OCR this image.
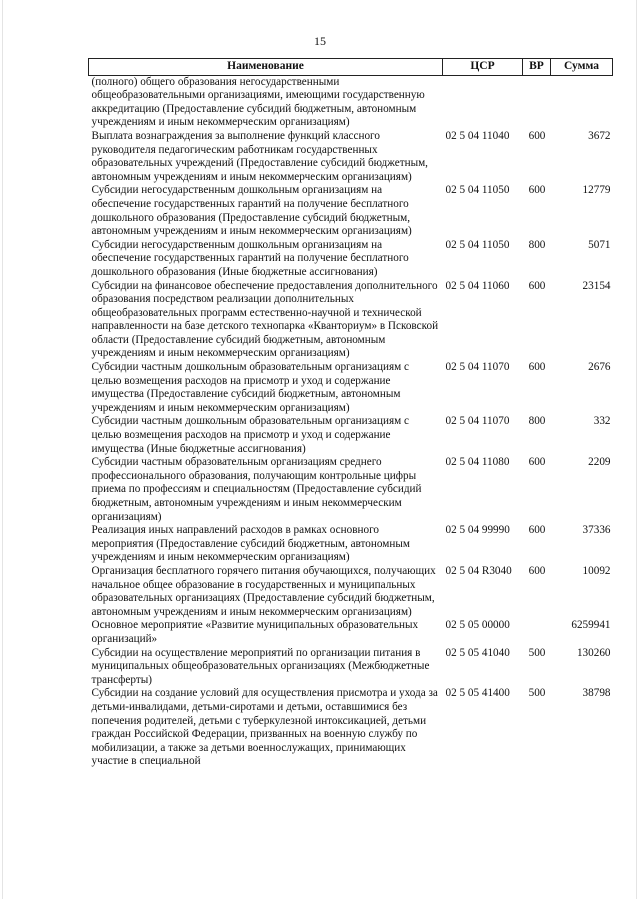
15
Наименование	ЦСР	ВР	Сумма
(полного) общего образования негосударственными общеобразовательными организациями, имеющими государственную аккредитацию (Предоставление субсидий бюджетным, автономным учреждениям и иным некоммерческим организациям)			
Выплата вознаграждения за выполнение функций классного руководителя педагогическим работникам государственных образовательных учреждений (Предоставление субсидий бюджетным, автономным учреждениям и иным некоммерческим организациям)	02 5 04 11040	600	3672
Субсидии негосударственным дошкольным организациям на обеспечение государственных гарантий на получение бесплатного дошкольного образования (Предоставление субсидий бюджетным, автономным учреждениям и иным некоммерческим организациям)	02 5 04 11050	600	12779
Субсидии негосударственным дошкольным организациям на обеспечение государственных гарантий на получение бесплатного дошкольного образования (Иные бюджетные ассигнования)	02 5 04 11050	800	5071
Субсидии на финансовое обеспечение предоставления дополнительного образования посредством реализации дополнительных общеобразовательных программ естественно-научной и технической направленности на базе детского технопарка «Кванториум» в Псковской области (Предоставление субсидий бюджетным, автономным учреждениям и иным некоммерческим организациям)	02 5 04 11060	600	23154
Субсидии частным дошкольным образовательным организациям с целью возмещения расходов на присмотр и уход и содержание имущества (Предоставление субсидий бюджетным, автономным учреждениям и иным некоммерческим организациям)	02 5 04 11070	600	2676
Субсидии частным дошкольным образовательным организациям с целью возмещения расходов на присмотр и уход и содержание имущества (Иные бюджетные ассигнования)	02 5 04 11070	800	332
Субсидии частным образовательным организациям среднего профессионального образования, получающим контрольные цифры приема по профессиям и специальностям (Предоставление субсидий бюджетным, автономным учреждениям и иным некоммерческим организациям)	02 5 04 11080	600	2209
Реализация иных направлений расходов в рамках основного мероприятия (Предоставление субсидий бюджетным, автономным учреждениям и иным некоммерческим организациям)	02 5 04 99990	600	37336
Организация бесплатного горячего питания обучающихся, получающих начальное общее образование в государственных и муниципальных образовательных организациях (Предоставление субсидий бюджетным, автономным учреждениям и иным некоммерческим организациям)	02 5 04 R3040	600	10092
Основное мероприятие «Развитие муниципальных образовательных организаций»	02 5 05 00000		6259941
Субсидии на осуществление мероприятий по организации питания в муниципальных общеобразовательных организациях (Межбюджетные трансферты)	02 5 05 41040	500	130260
Субсидии на создание условий для осуществления присмотра и ухода за детьми-инвалидами, детьми-сиротами и детьми, оставшимися без попечения родителей, детьми с туберкулезной интоксикацией, детьми граждан Российской Федерации, призванных на военную службу по мобилизации, а также за детьми военнослужащих, принимающих участие в специальной	02 5 05 41400	500	38798
